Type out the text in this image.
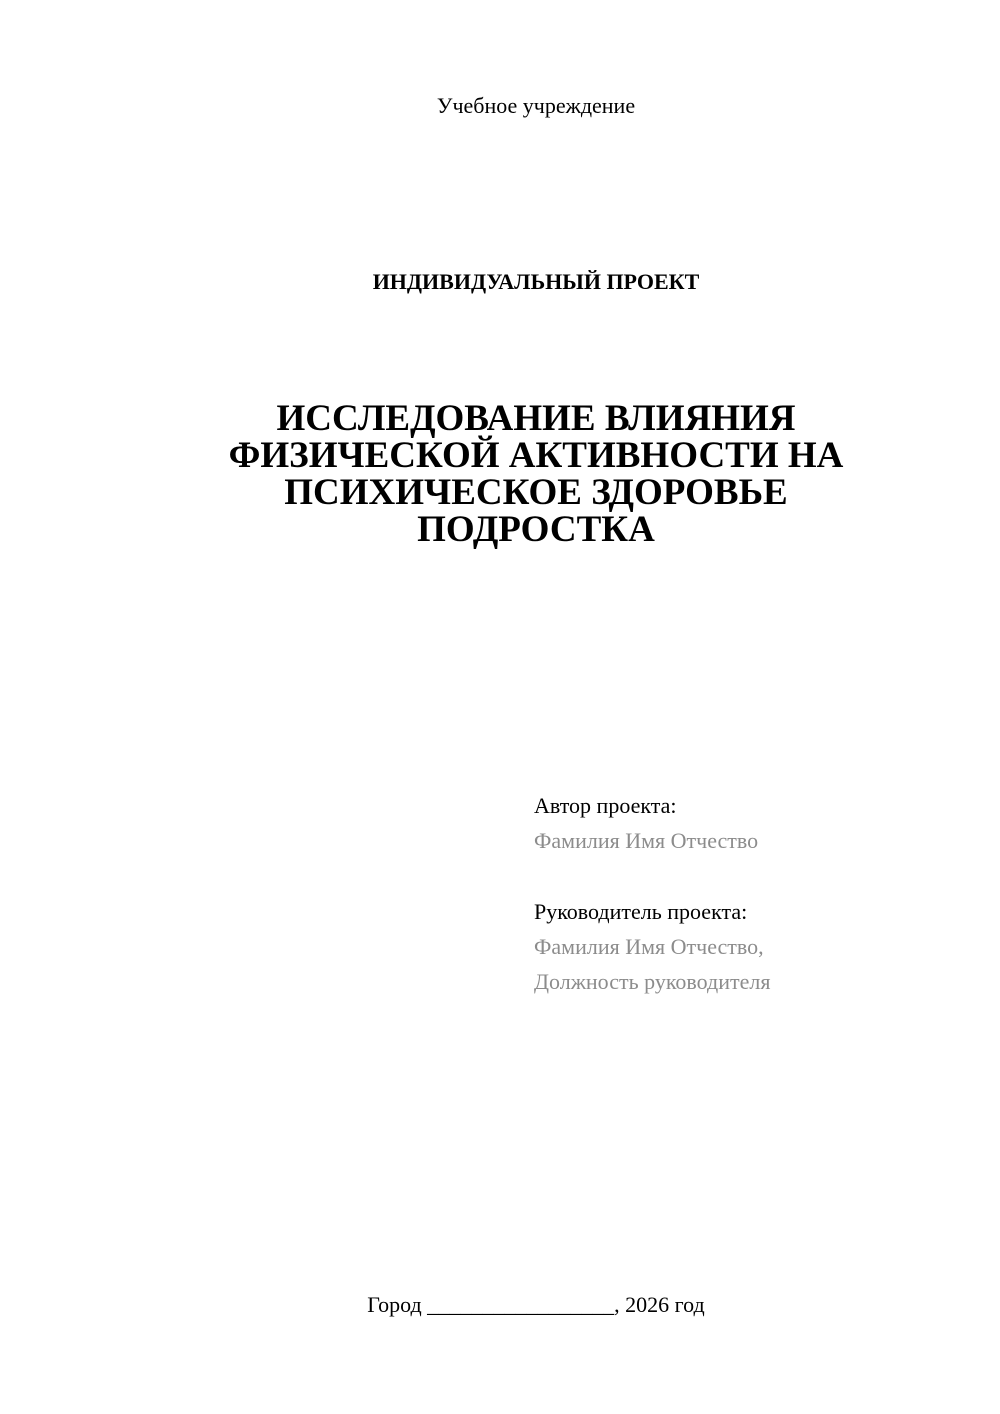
Учебное учреждение
ИНДИВИДУАЛЬНЫЙ ПРОЕКТ
ИССЛЕДОВАНИЕ ВЛИЯНИЯ
ФИЗИЧЕСКОЙ АКТИВНОСТИ НА
ПСИХИЧЕСКОЕ ЗДОРОВЬЕ
ПОДРОСТКА
Автор проекта:
Фамилия Имя Отчество
Руководитель проекта:
Фамилия Имя Отчество,
Должность руководителя
Город _________________, 2026 год
